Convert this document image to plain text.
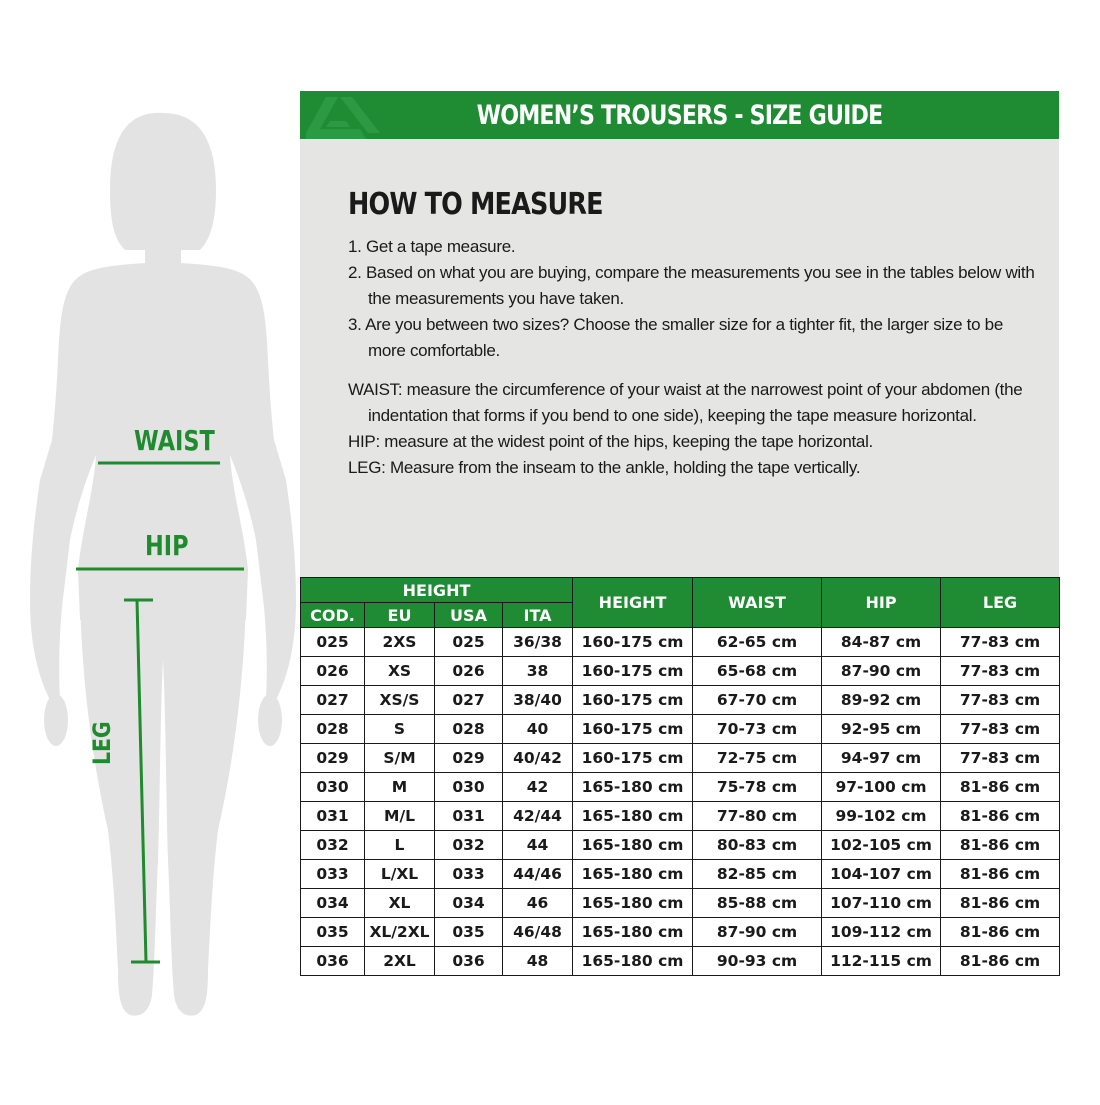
WAIST
HIP
LEG
WOMEN’S TROUSERS - SIZE GUIDE
HOW TO MEASURE
1. Get a tape measure.
2. Based on what you are buying, compare the measurements you see in the tables below with the measurements you have taken.
3. Are you between two sizes? Choose the smaller size for a tighter fit, the larger size to be more comfortable.
WAIST: measure the circumference of your waist at the narrowest point of your abdomen (the indentation that forms if you bend to one side), keeping the tape measure horizontal.
HIP: measure at the widest point of the hips, keeping the tape horizontal.
LEG: Measure from the inseam to the ankle, holding the tape vertically.
HEIGHT				HEIGHT	WAIST	HIP	LEG
COD.	EU	USA	ITA				
025	2XS	025	36/38	160-175 cm	62-65 cm	84-87 cm	77-83 cm
026	XS	026	38	160-175 cm	65-68 cm	87-90 cm	77-83 cm
027	XS/S	027	38/40	160-175 cm	67-70 cm	89-92 cm	77-83 cm
028	S	028	40	160-175 cm	70-73 cm	92-95 cm	77-83 cm
029	S/M	029	40/42	160-175 cm	72-75 cm	94-97 cm	77-83 cm
030	M	030	42	165-180 cm	75-78 cm	97-100 cm	81-86 cm
031	M/L	031	42/44	165-180 cm	77-80 cm	99-102 cm	81-86 cm
032	L	032	44	165-180 cm	80-83 cm	102-105 cm	81-86 cm
033	L/XL	033	44/46	165-180 cm	82-85 cm	104-107 cm	81-86 cm
034	XL	034	46	165-180 cm	85-88 cm	107-110 cm	81-86 cm
035	XL/2XL	035	46/48	165-180 cm	87-90 cm	109-112 cm	81-86 cm
036	2XL	036	48	165-180 cm	90-93 cm	112-115 cm	81-86 cm
